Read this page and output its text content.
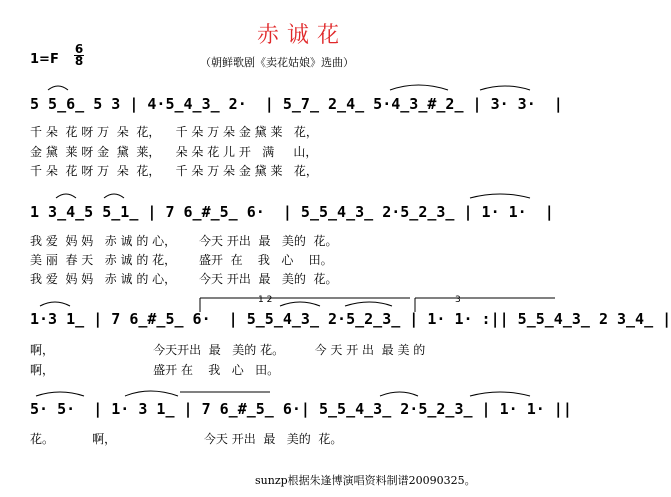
赤诚花
1=F
6
8	（朝鲜歌剧《卖花姑娘》选曲）
5 5̲6̲ 5 3 | 4·5̲4̲3̲ 2·  | 5̲7̲ 2̲4̲ 5·4̲3̲#̲2̲ | 3· 3·  |
千 朵  花 呀 万  朵  花，    千 朵 万 朵 金 黛 莱   花，
金 黛  莱 呀 金  黛  莱，    朵 朵 花 儿 开   满     山，
千 朵  花 呀 万  朵  花，    千 朵 万 朵 金 黛 莱   花，
1 3̲4̲5 5̲1̲ | 7 6̲#̲5̲ 6·  | 5̲5̲4̲3̲ 2·5̲2̲3̲ | 1· 1·  |
我 爱  妈 妈   赤 诚 的 心，      今天 开出  最   美的  花。
美 丽  春 天   赤 诚 的 花，      盛开  在    我   心    田。
我 爱  妈 妈   赤 诚 的 心，      今天 开出  最   美的  花。
1·3 1̲ | 7 6̲#̲5̲ 6·  | 5̲5̲4̲3̲ 2·5̲2̲3̲ | 1· 1· :|| 5̲5̲4̲3̲ 2 3̲4̲ |
啊，                          今天开出  最   美的 花。        今 天 开 出  最 美 的
啊，                          盛开 在    我   心   田。
5· 5·  | 1· 3 1̲ | 7 6̲#̲5̲ 6·| 5̲5̲4̲3̲ 2·5̲2̲3̲ | 1· 1· ||
花。          啊，                       今天 开出  最   美的  花。
1 2	3
sunzp根据朱逢博演唱资料制谱20090325。
